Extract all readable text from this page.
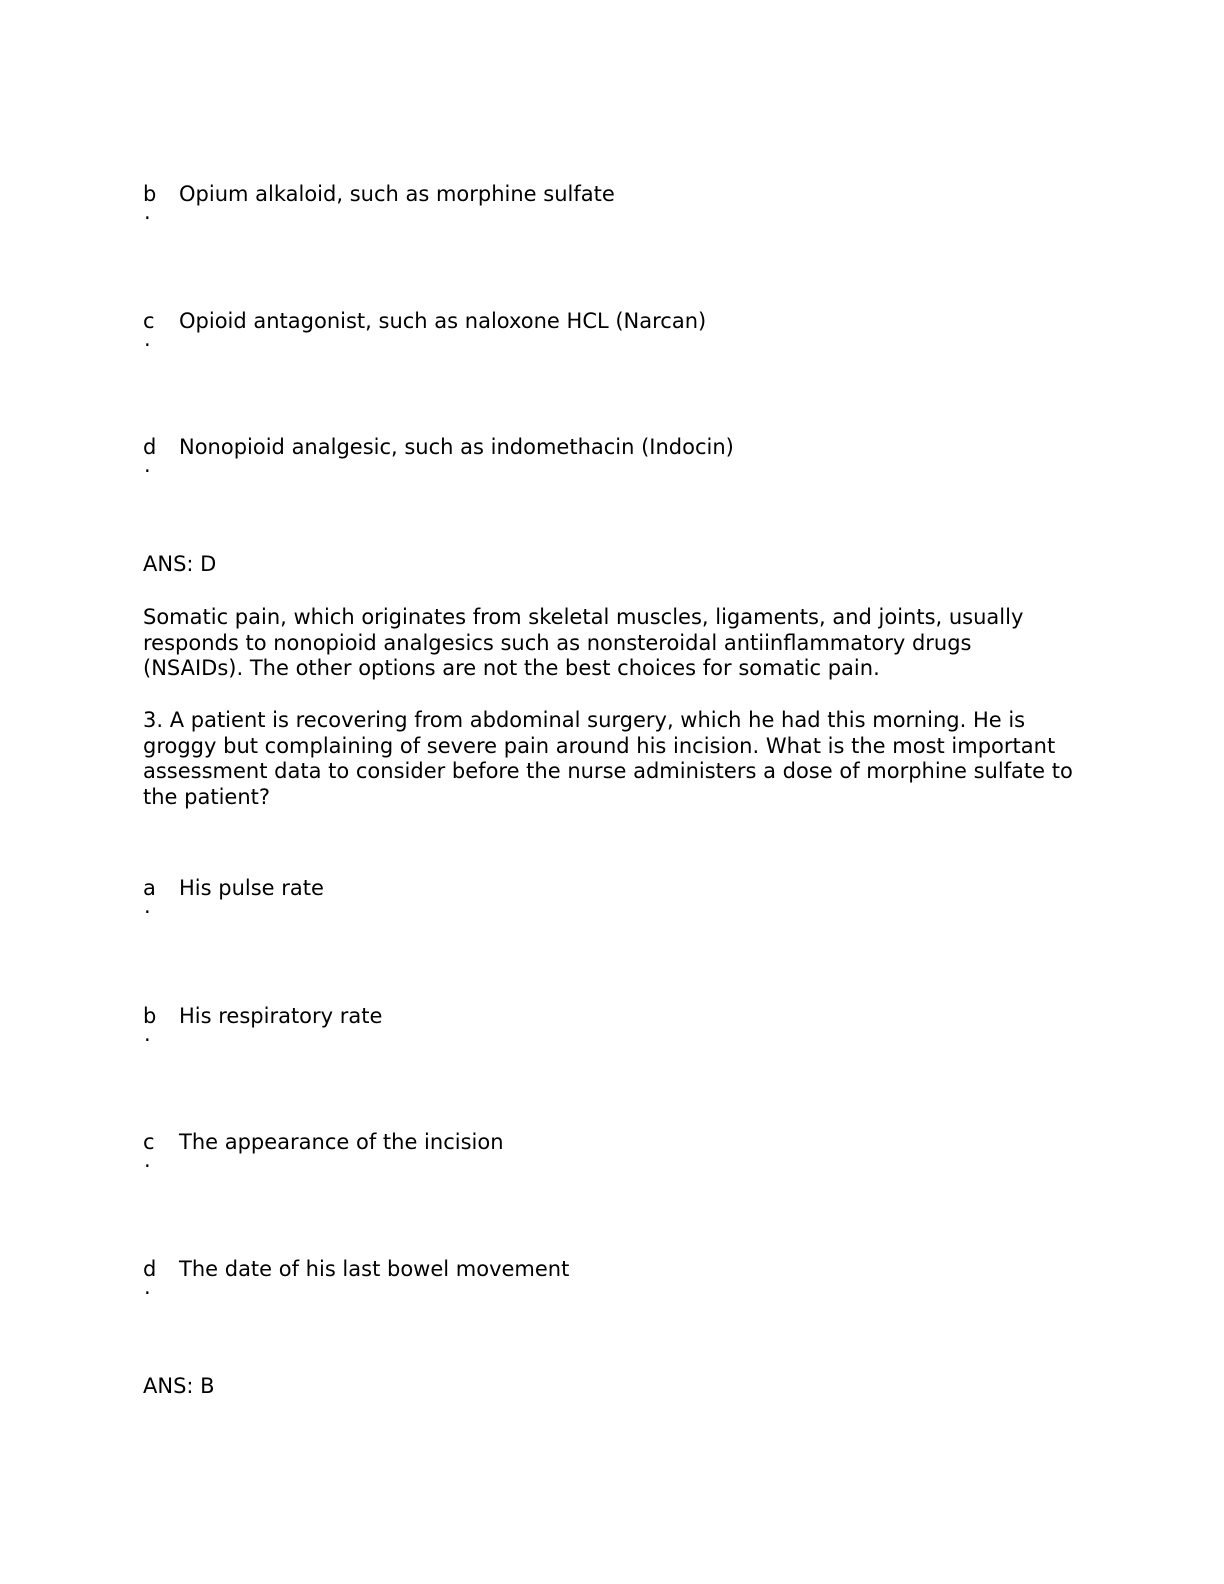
b Opium alkaloid, such as morphine sulfate
.
c Opioid antagonist, such as naloxone HCL (Narcan)
.
d Nonopioid analgesic, such as indomethacin (Indocin)
.
ANS: D

Somatic pain, which originates from skeletal muscles, ligaments, and joints, usually responds to nonopioid analgesics such as nonsteroidal antiinflammatory drugs (NSAIDs). The other options are not the best choices for somatic pain.

3. A patient is recovering from abdominal surgery, which he had this morning. He is groggy but complaining of severe pain around his incision. What is the most important assessment data to consider before the nurse administers a dose of morphine sulfate to the patient?

a His pulse rate
.
b His respiratory rate
.
c The appearance of the incision
.
d The date of his last bowel movement
.
ANS: B
